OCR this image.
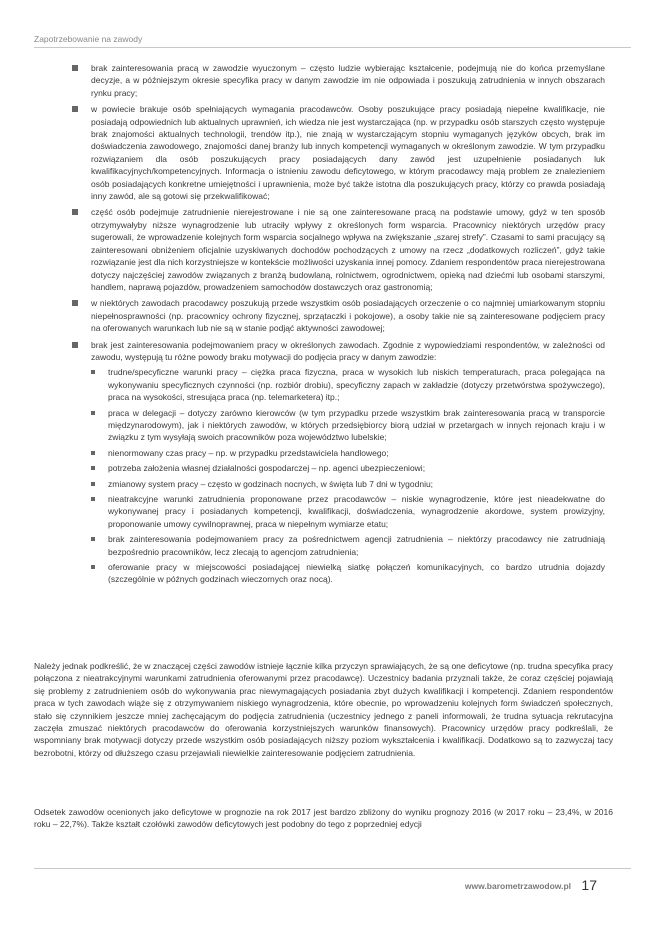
Zapotrzebowanie na zawody
brak zainteresowania pracą w zawodzie wyuczonym – często ludzie wybierając kształcenie, podejmują nie do końca przemyślane decyzje, a w późniejszym okresie specyfika pracy w danym zawodzie im nie odpowiada i poszukują zatrudnienia w innych obszarach rynku pracy;
w powiecie brakuje osób spełniających wymagania pracodawców. Osoby poszukujące pracy posiadają niepełne kwalifikacje, nie posiadają odpowiednich lub aktualnych uprawnień, ich wiedza nie jest wystarczająca (np. w przypadku osób starszych często występuje brak znajomości aktualnych technologii, trendów itp.), nie znają w wystarczającym stopniu wymaganych języków obcych, brak im doświadczenia zawodowego, znajomości danej branży lub innych kompetencji wymaganych w określonym zawodzie. W tym przypadku rozwiązaniem dla osób poszukujących pracy posiadających dany zawód jest uzupełnienie posiadanych luk kwalifikacyjnych/kompetencyjnych. Informacja o istnieniu zawodu deficytowego, w którym pracodawcy mają problem ze znalezieniem osób posiadających konkretne umiejętności i uprawnienia, może być także istotna dla poszukujących pracy, którzy co prawda posiadają inny zawód, ale są gotowi się przekwalifikować;
część osób podejmuje zatrudnienie nierejestrowane i nie są one zainteresowane pracą na podstawie umowy, gdyż w ten sposób otrzymywałyby niższe wynagrodzenie lub utraciły wpływy z określonych form wsparcia. Pracownicy niektórych urzędów pracy sugerowali, że wprowadzenie kolejnych form wsparcia socjalnego wpływa na zwiększanie „szarej strefy”. Czasami to sami pracujący są zainteresowani obniżeniem oficjalnie uzyskiwanych dochodów pochodzących z umowy na rzecz „dodatkowych rozliczeń”, gdyż takie rozwiązanie jest dla nich korzystniejsze w kontekście możliwości uzyskania innej pomocy. Zdaniem respondentów praca nierejestrowana dotyczy najczęściej zawodów związanych z branżą budowlaną, rolnictwem, ogrodnictwem, opieką nad dziećmi lub osobami starszymi, handlem, naprawą pojazdów, prowadzeniem samochodów dostawczych oraz gastronomią;
w niektórych zawodach pracodawcy poszukują przede wszystkim osób posiadających orzeczenie o co najmniej umiarkowanym stopniu niepełnosprawności (np. pracownicy ochrony fizycznej, sprzątaczki i pokojowe), a osoby takie nie są zainteresowane podjęciem pracy na oferowanych warunkach lub nie są w stanie podjąć aktywności zawodowej;
brak jest zainteresowania podejmowaniem pracy w określonych zawodach. Zgodnie z wypowiedziami respondentów, w zależności od zawodu, występują tu różne powody braku motywacji do podjęcia pracy w danym zawodzie:
trudne/specyficzne warunki pracy – ciężka praca fizyczna, praca w wysokich lub niskich temperaturach, praca polegająca na wykonywaniu specyficznych czynności (np. rozbiór drobiu), specyficzny zapach w zakładzie (dotyczy przetwórstwa spożywczego), praca na wysokości, stresująca praca (np. telemarketera) itp.;
praca w delegacji – dotyczy zarówno kierowców (w tym przypadku przede wszystkim brak zainteresowania pracą w transporcie międzynarodowym), jak i niektórych zawodów, w których przedsiębiorcy biorą udział w przetargach w innych rejonach kraju i w związku z tym wysyłają swoich pracowników poza województwo lubelskie;
nienormowany czas pracy – np. w przypadku przedstawiciela handlowego;
potrzeba założenia własnej działalności gospodarczej – np. agenci ubezpieczeniowi;
zmianowy system pracy – często w godzinach nocnych, w święta lub 7 dni w tygodniu;
nieatrakcyjne warunki zatrudnienia proponowane przez pracodawców – niskie wynagrodzenie, które jest nieadekwatne do wykonywanej pracy i posiadanych kompetencji, kwalifikacji, doświadczenia, wynagrodzenie akordowe, system prowizyjny, proponowanie umowy cywilnoprawnej, praca w niepełnym wymiarze etatu;
brak zainteresowania podejmowaniem pracy za pośrednictwem agencji zatrudnienia – niektórzy pracodawcy nie zatrudniają bezpośrednio pracowników, lecz zlecają to agencjom zatrudnienia;
oferowanie pracy w miejscowości posiadającej niewielką siatkę połączeń komunikacyjnych, co bardzo utrudnia dojazdy (szczególnie w późnych godzinach wieczornych oraz nocą).

Należy jednak podkreślić, że w znaczącej części zawodów istnieje łącznie kilka przyczyn sprawiających, że są one deficytowe (np. trudna specyfika pracy połączona z nieatrakcyjnymi warunkami zatrudnienia oferowanymi przez pracodawcę). Uczestnicy badania przyznali także, że coraz częściej pojawiają się problemy z zatrudnieniem osób do wykonywania prac niewymagających posiadania zbyt dużych kwalifikacji i kompetencji. Zdaniem respondentów praca w tych zawodach wiąże się z otrzymywaniem niskiego wynagrodzenia, które obecnie, po wprowadzeniu kolejnych form świadczeń społecznych, stało się czynnikiem jeszcze mniej zachęcającym do podjęcia zatrudnienia (uczestnicy jednego z paneli informowali, że trudna sytuacja rekrutacyjna zaczęła zmuszać niektórych pracodawców do oferowania korzystniejszych warunków finansowych). Pracownicy urzędów pracy podkreślali, że wspomniany brak motywacji dotyczy przede wszystkim osób posiadających niższy poziom wykształcenia i kwalifikacji. Dodatkowo są to zazwyczaj tacy bezrobotni, którzy od dłuższego czasu przejawiali niewielkie zainteresowanie podjęciem zatrudnienia.

Odsetek zawodów ocenionych jako deficytowe w prognozie na rok 2017 jest bardzo zbliżony do wyniku prognozy 2016 (w 2017 roku – 23,4%, w 2016 roku – 22,7%). Także kształt czołówki zawodów deficytowych jest podobny do tego z poprzedniej edycji

www.barometrzawodow.pl 17
